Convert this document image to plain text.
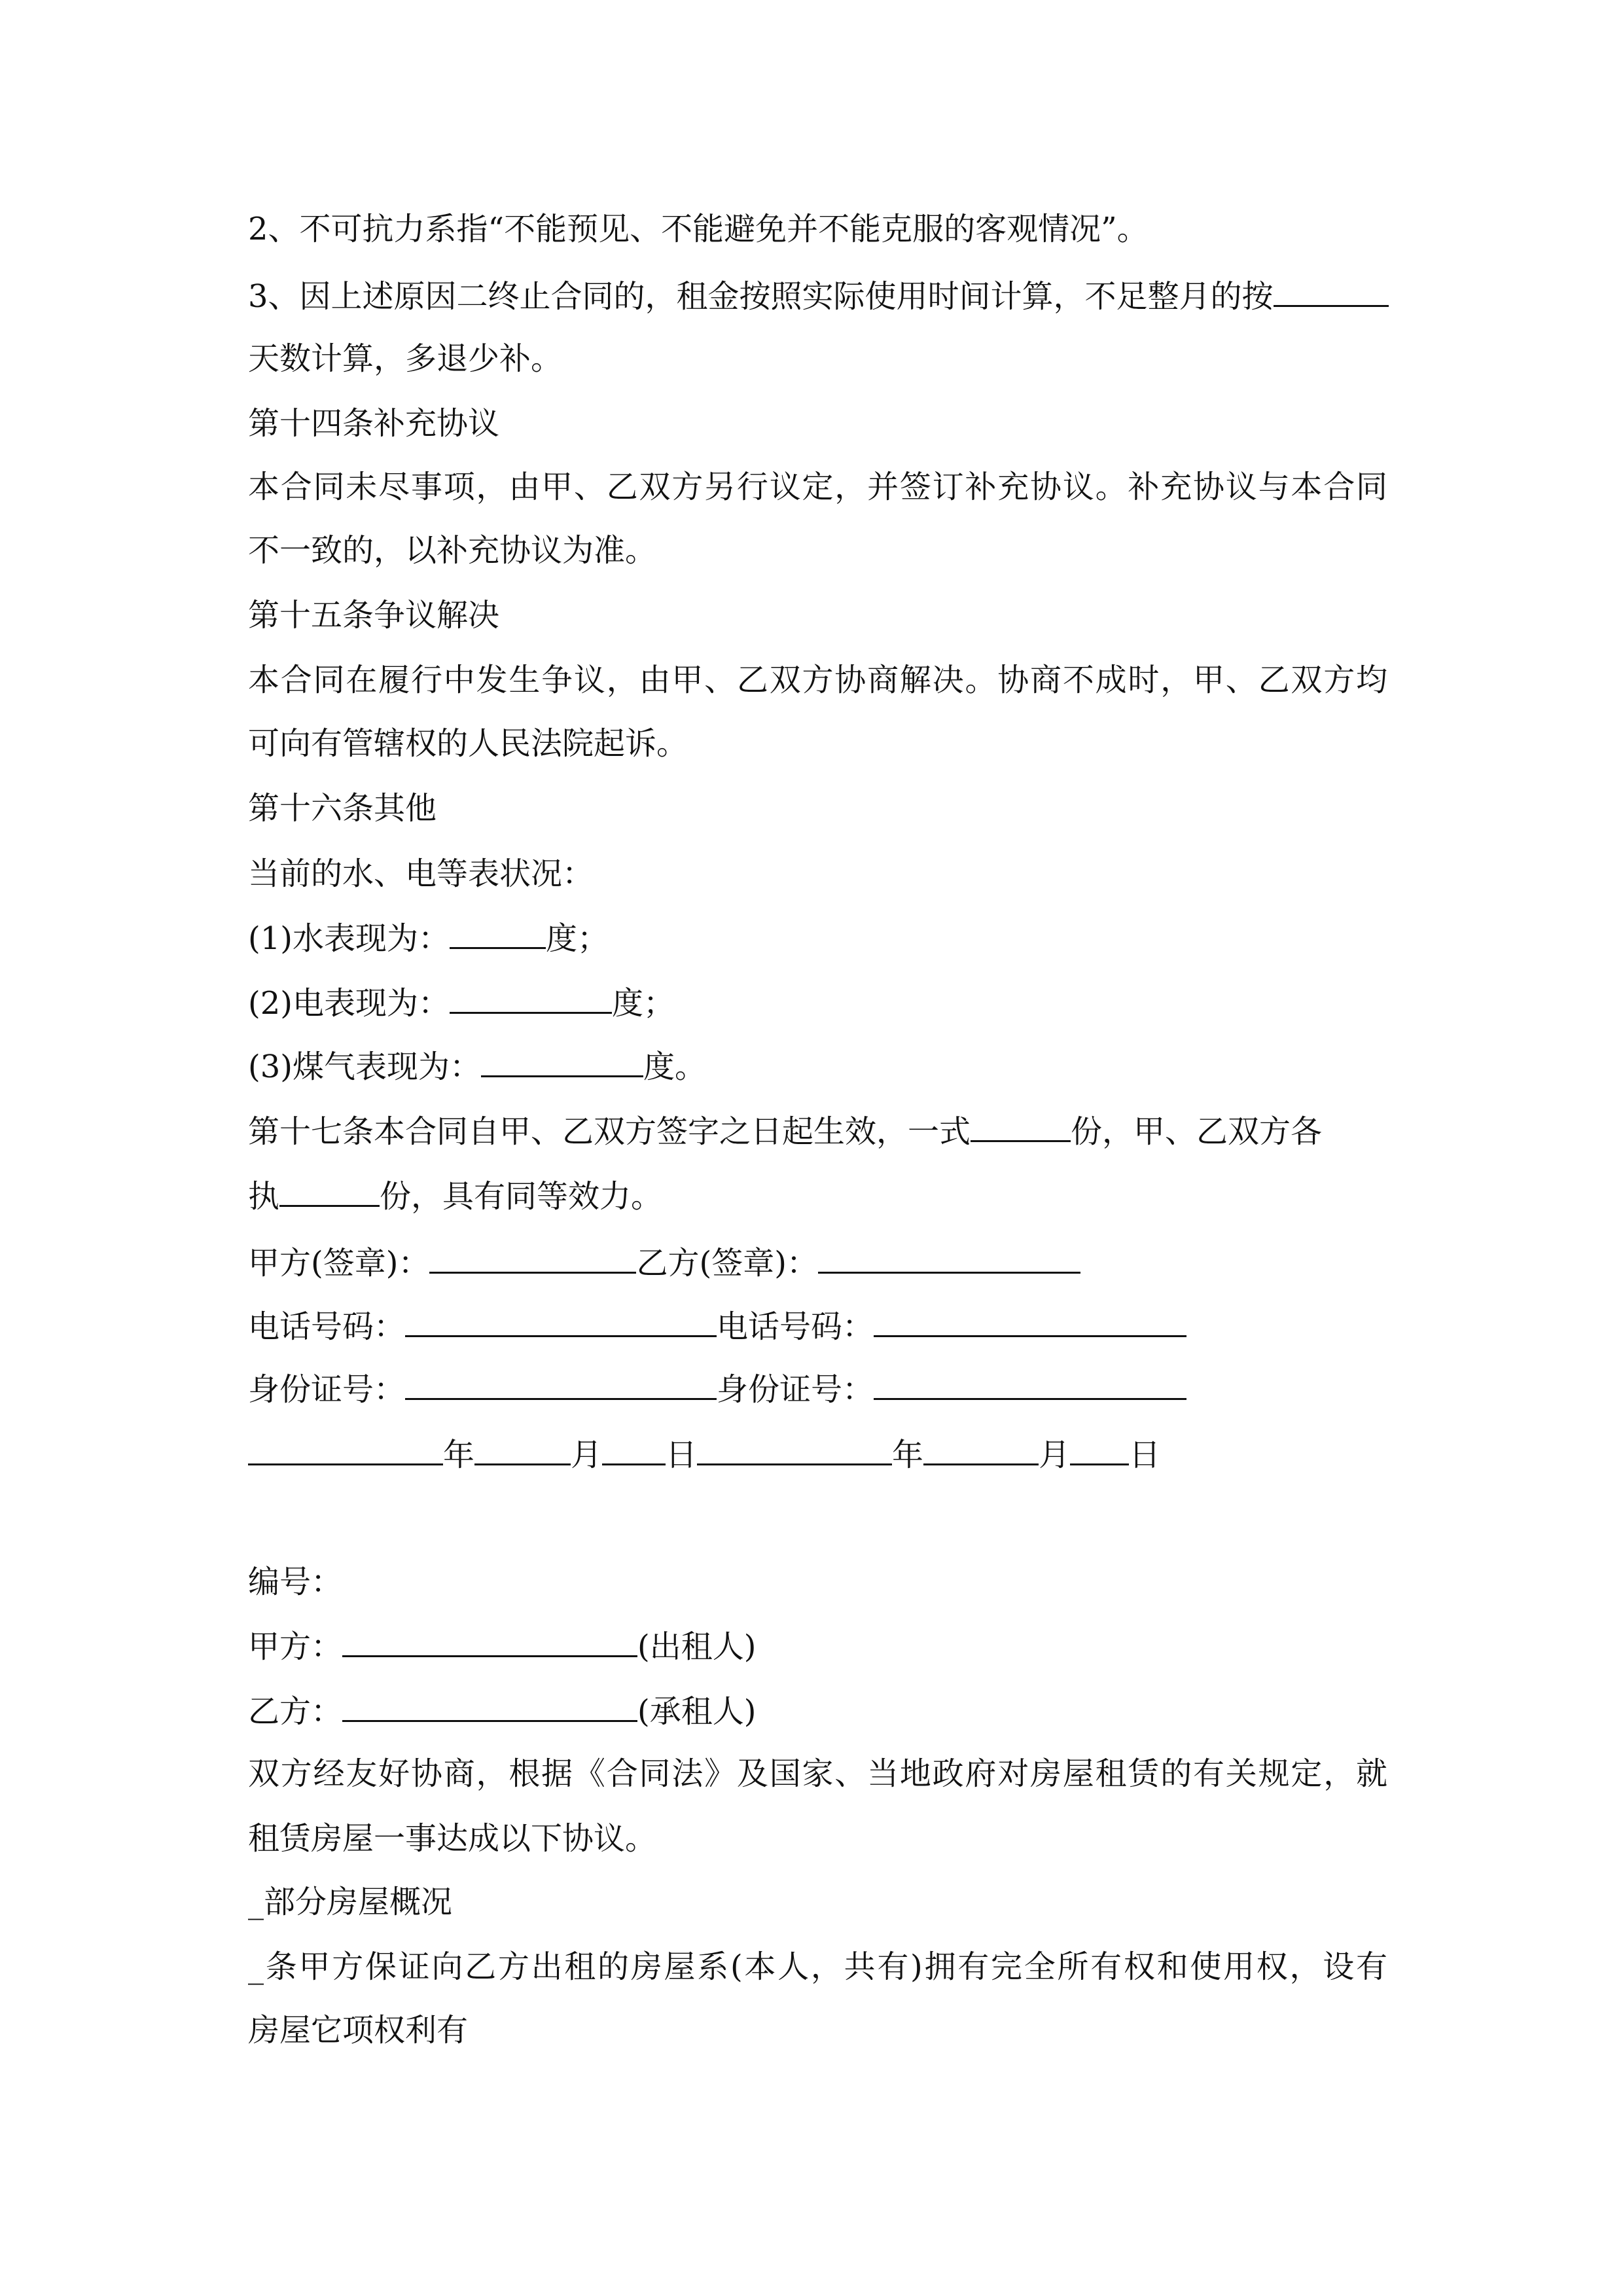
2、不可抗力系指“不能预见、不能避免并不能克服的客观情况”。
3、因上述原因二终止合同的，租金按照实际使用时间计算，不足整月的按
天数计算，多退少补。
第十四条补充协议
本合同未尽事项，由甲、乙双方另行议定，并签订补充协议。补充协议与本合同
不一致的，以补充协议为准。
第十五条争议解决
本合同在履行中发生争议，由甲、乙双方协商解决。协商不成时，甲、乙双方均
可向有管辖权的人民法院起诉。
第十六条其他
当前的水、电等表状况：
(1)水表现为：	度；
(2)电表现为：	度；
(3)煤气表现为：	度。
第十七条本合同自甲、乙双方签字之日起生效，一式	份，甲、乙双方各
执	份，具有同等效力。
甲方(签章)：	乙方(签章)：
电话号码：	电话号码：
身份证号：	身份证号：
年	月 日	年	月 日
编号：
甲方：	(出租人)
乙方：	(承租人)
双方经友好协商，根据《合同法》及国家、当地政府对房屋租赁的有关规定，就
租赁房屋一事达成以下协议。
_部分房屋概况
_条甲方保证向乙方出租的房屋系(本人，共有)拥有完全所有权和使用权，设有
房屋它项权利有
